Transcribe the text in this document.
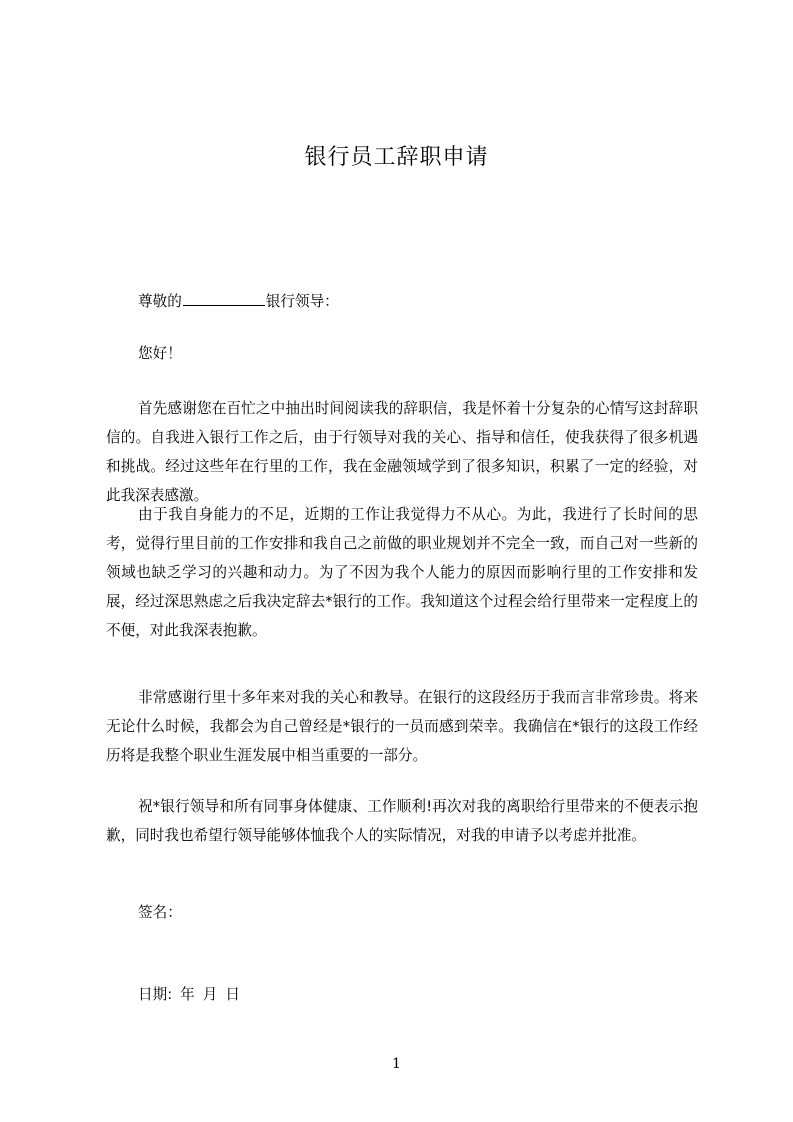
银行员工辞职申请
尊敬的	银行领导：
您好！
首先感谢您在百忙之中抽出时间阅读我的辞职信，我是怀着十分复杂的心情写这封辞职信的。自我进入银行工作之后，由于行领导对我的关心、指导和信任，使我获得了很多机遇和挑战。经过这些年在行里的工作，我在金融领域学到了很多知识，积累了一定的经验，对此我深表感激。
由于我自身能力的不足，近期的工作让我觉得力不从心。为此，我进行了长时间的思考，觉得行里目前的工作安排和我自己之前做的职业规划并不完全一致，而自己对一些新的领域也缺乏学习的兴趣和动力。为了不因为我个人能力的原因而影响行里的工作安排和发展，经过深思熟虑之后我决定辞去*银行的工作。我知道这个过程会给行里带来一定程度上的不便，对此我深表抱歉。
非常感谢行里十多年来对我的关心和教导。在银行的这段经历于我而言非常珍贵。将来无论什么时候，我都会为自己曾经是*银行的一员而感到荣幸。我确信在*银行的这段工作经历将是我整个职业生涯发展中相当重要的一部分。
祝*银行领导和所有同事身体健康、工作顺利!再次对我的离职给行里带来的不便表示抱歉，同时我也希望行领导能够体恤我个人的实际情况，对我的申请予以考虑并批准。
签名：
日期: 年 月 日
1
